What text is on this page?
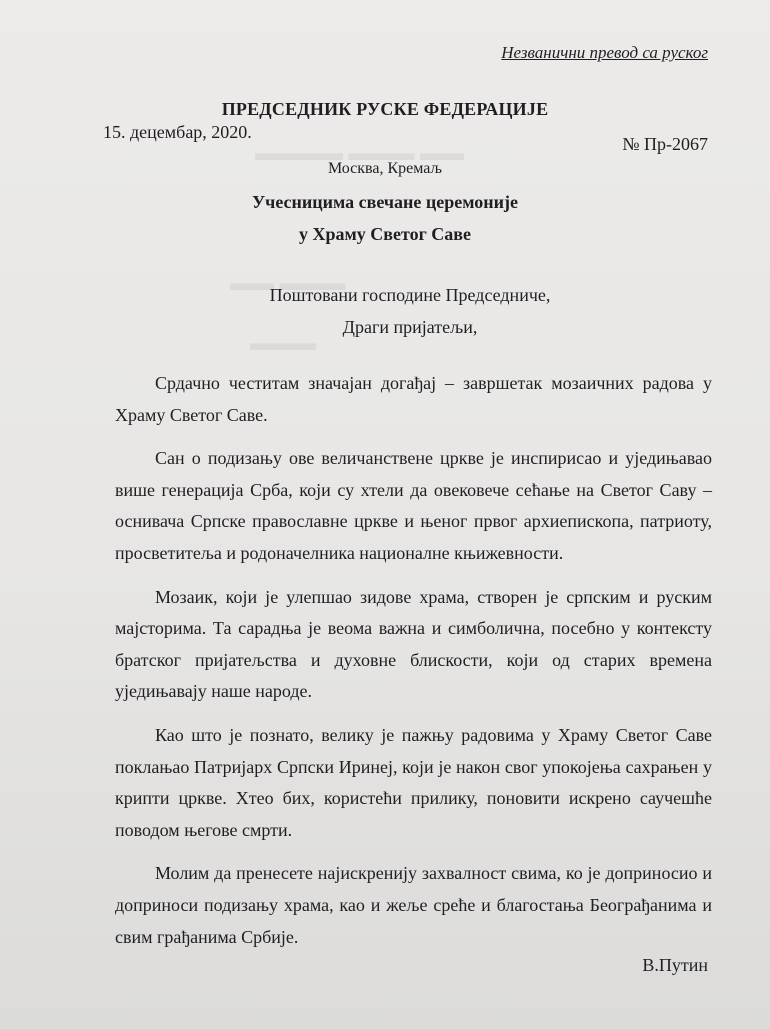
▬▬▬▬ ▬▬▬ ▬▬
▬▬ ▬▬▬
▬▬▬
Незванични превод са руског
ПРЕДСЕДНИК РУСКЕ ФЕДЕРАЦИЈЕ
15. децембар, 2020.
№ Пр-2067
Москва, Кремаљ
Учесницима свечане церемоније
у Храму Светог Саве
Поштовани господине Председниче,
Драги пријатељи,

Срдачно честитам значајан догађај – завршетак мозаичних радова у Храму Светог Саве.

Сан о подизању ове величанствене цркве је инспирисао и уједињавао више генерација Срба, који су хтели да овековече сећање на Светог Саву – оснивача Српске православне цркве и њеног првог архиепископа, патриоту, просветитеља и родоначелника националне књижевности.

Мозаик, који је улепшао зидове храма, створен је српским и руским мајсторима. Та сарадња је веома важна и симболична, посебно у контексту братског пријатељства и духовне блискости, који од старих времена уједињавају наше народе.

Као што је познато, велику је пажњу радовима у Храму Светог Саве поклањао Патријарх Српски Иринеј, који је након свог упокојења сахрањен у крипти цркве. Хтео бих, користећи прилику, поновити искрено саучешће поводом његове смрти.

Молим да пренесете најискренију захвалност свима, ко је доприносио и доприноси подизању храма, као и жеље среће и благостања Београђанима и свим грађанима Србије.

В.Путин
